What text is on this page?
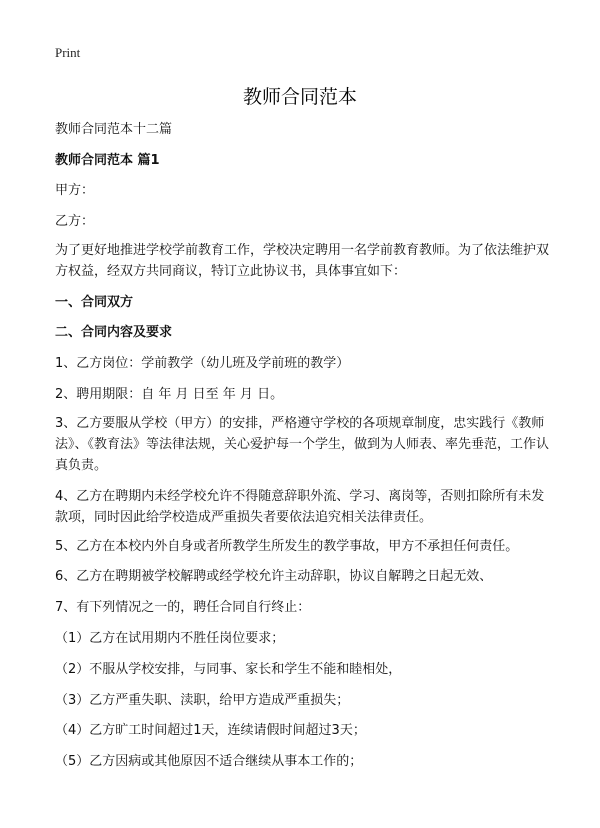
Print
教师合同范本

教师合同范本十二篇

教师合同范本 篇1

甲方：

乙方：

为了更好地推进学校学前教育工作，学校决定聘用一名学前教育教师。为了依法维护双方权益，经双方共同商议，特订立此协议书，具体事宜如下：

一、合同双方

二、合同内容及要求

1、乙方岗位：学前教学（幼儿班及学前班的教学）

2、聘用期限：自 年 月 日至 年 月 日。

3、乙方要服从学校（甲方）的安排，严格遵守学校的各项规章制度，忠实践行《教师法》、《教育法》等法律法规，关心爱护每一个学生，做到为人师表、率先垂范，工作认真负责。

4、乙方在聘期内未经学校允许不得随意辞职外流、学习、离岗等，否则扣除所有未发款项，同时因此给学校造成严重损失者要依法追究相关法律责任。

5、乙方在本校内外自身或者所教学生所发生的教学事故，甲方不承担任何责任。

6、乙方在聘期被学校解聘或经学校允许主动辞职，协议自解聘之日起无效、

7、有下列情况之一的，聘任合同自行终止：

（1）乙方在试用期内不胜任岗位要求；

（2）不服从学校安排，与同事、家长和学生不能和睦相处，

（3）乙方严重失职、渎职，给甲方造成严重损失；

（4）乙方旷工时间超过1天，连续请假时间超过3天；

（5）乙方因病或其他原因不适合继续从事本工作的；
